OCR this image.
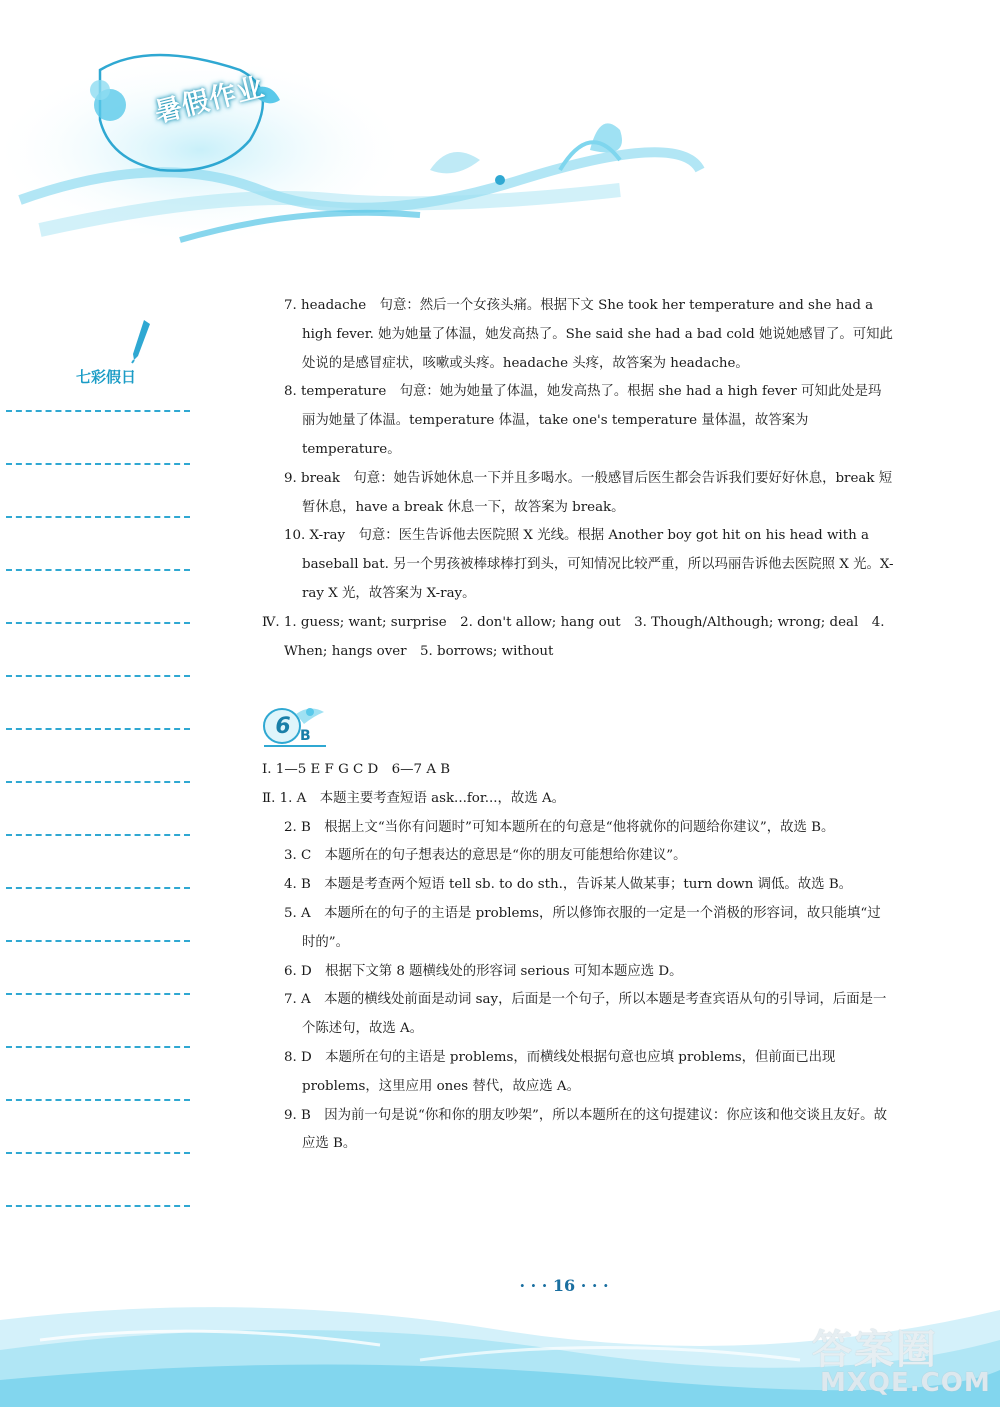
暑假作业
七彩假日
7. headache　句意：然后一个女孩头痛。根据下文 She took her temperature and she had a high fever. 她为她量了体温，她发高热了。She said she had a bad cold 她说她感冒了。可知此处说的是感冒症状，咳嗽或头疼。headache 头疼，故答案为 headache。
8. temperature　句意：她为她量了体温，她发高热了。根据 she had a high fever 可知此处是玛丽为她量了体温。temperature 体温，take one's temperature 量体温，故答案为 temperature。
9. break　句意：她告诉她休息一下并且多喝水。一般感冒后医生都会告诉我们要好好休息，break 短暂休息，have a break 休息一下，故答案为 break。
10. X-ray　句意：医生告诉他去医院照 X 光线。根据 Another boy got hit on his head with a baseball bat. 另一个男孩被棒球棒打到头，可知情况比较严重，所以玛丽告诉他去医院照 X 光。X-ray X 光，故答案为 X-ray。
Ⅳ. 1. guess; want; surprise　2. don't allow; hang out　3. Though/Although; wrong; deal　4. When; hangs over　5. borrows; without
6 B
Ⅰ. 1—5 E F G C D　6—7 A B
Ⅱ. 1. A　本题主要考查短语 ask...for...，故选 A。
2. B　根据上文“当你有问题时”可知本题所在的句意是“他将就你的问题给你建议”，故选 B。
3. C　本题所在的句子想表达的意思是“你的朋友可能想给你建议”。
4. B　本题是考查两个短语 tell sb. to do sth.，告诉某人做某事；turn down 调低。故选 B。
5. A　本题所在的句子的主语是 problems，所以修饰衣服的一定是一个消极的形容词，故只能填“过时的”。
6. D　根据下文第 8 题横线处的形容词 serious 可知本题应选 D。
7. A　本题的横线处前面是动词 say，后面是一个句子，所以本题是考查宾语从句的引导词，后面是一个陈述句，故选 A。
8. D　本题所在句的主语是 problems，而横线处根据句意也应填 problems，但前面已出现 problems，这里应用 ones 替代，故应选 A。
9. B　因为前一句是说“你和你的朋友吵架”，所以本题所在的这句提建议：你应该和他交谈且友好。故应选 B。
· · · 16 · · ·
答案圈
MXQE.COM
